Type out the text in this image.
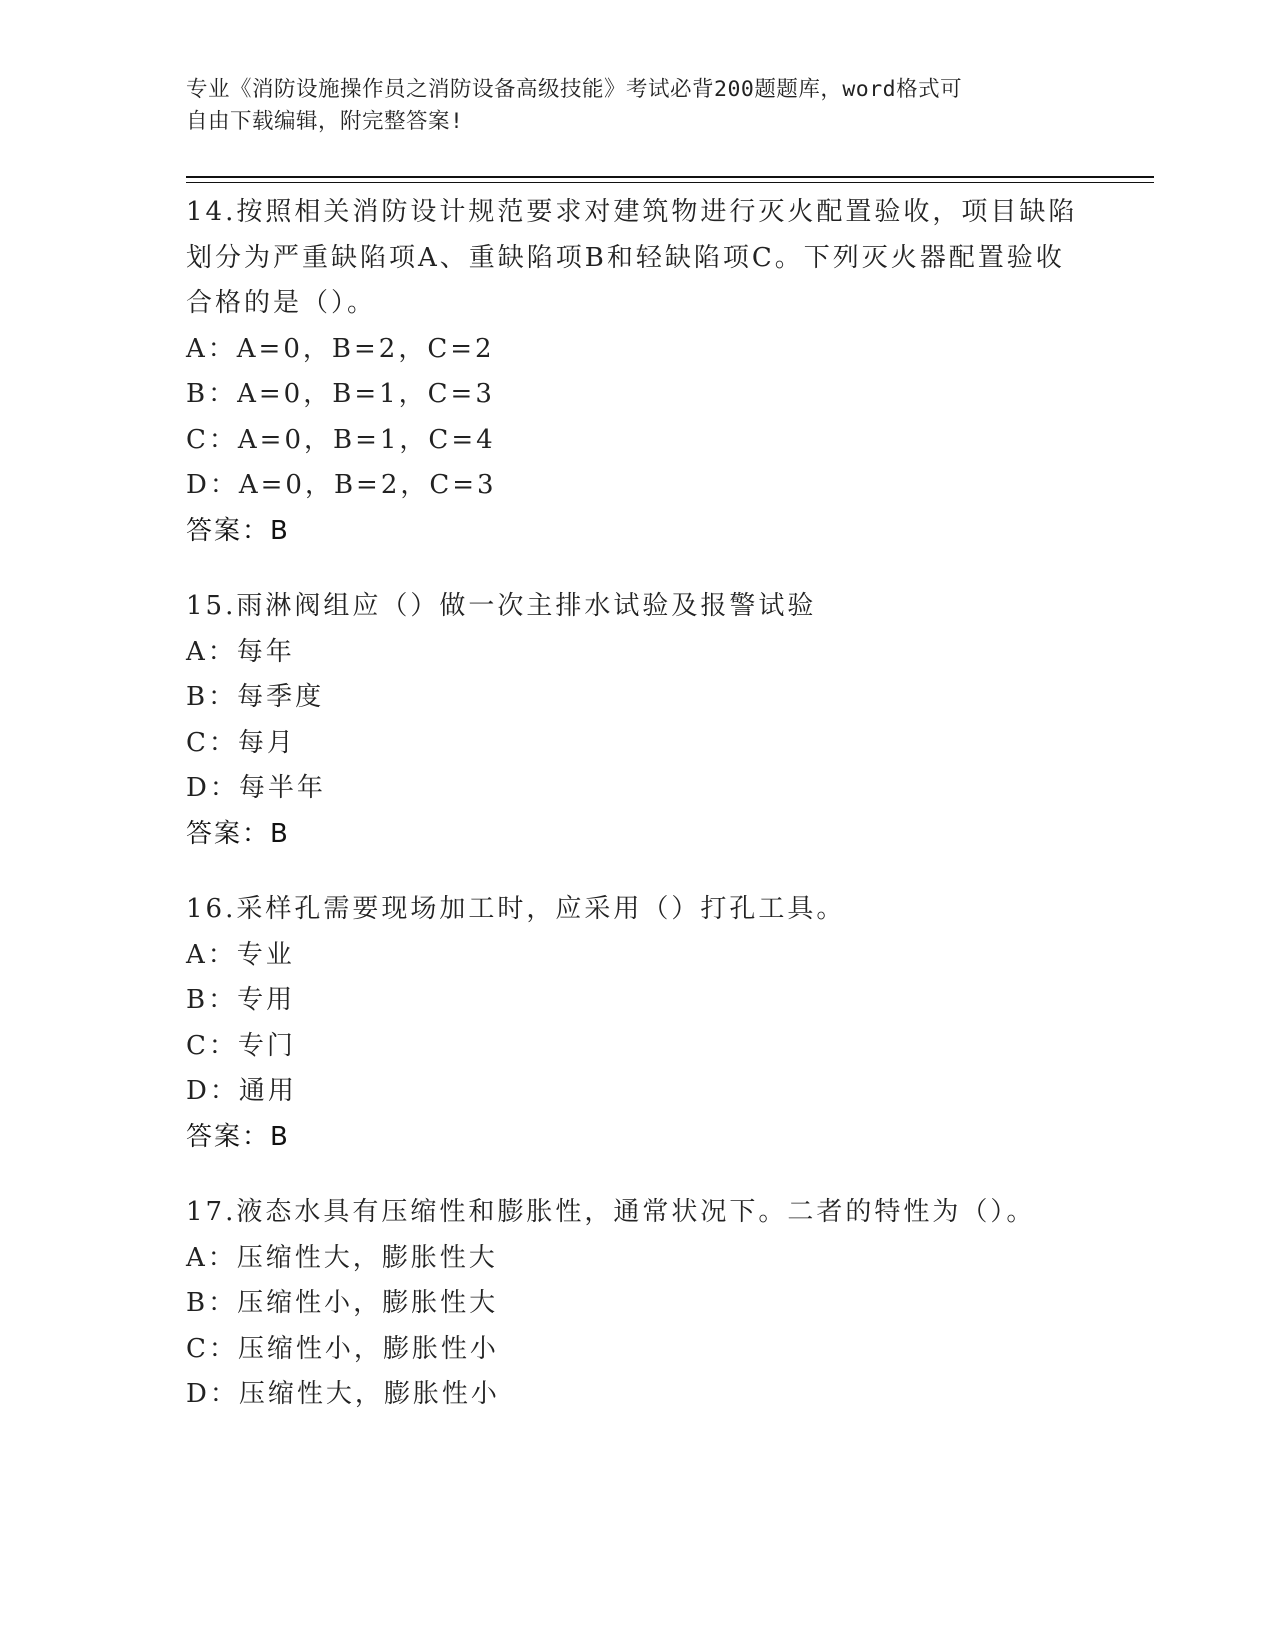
专业《消防设施操作员之消防设备高级技能》考试必背200题题库，word格式可
自由下载编辑，附完整答案!
14.按照相关消防设计规范要求对建筑物进行灭火配置验收，项目缺陷
划分为严重缺陷项A、重缺陷项B和轻缺陷项C。下列灭火器配置验收
合格的是（）。
A：A=0，B=2，C=2
B：A=0，B=1，C=3
C：A=0，B=1，C=4
D：A=0，B=2，C=3
答案：B
15.雨淋阀组应（）做一次主排水试验及报警试验
A：每年
B：每季度
C：每月
D：每半年
答案：B
16.采样孔需要现场加工时，应采用（）打孔工具。
A：专业
B：专用
C：专门
D：通用
答案：B
17.液态水具有压缩性和膨胀性，通常状况下。二者的特性为（）。
A：压缩性大，膨胀性大
B：压缩性小，膨胀性大
C：压缩性小，膨胀性小
D：压缩性大，膨胀性小
